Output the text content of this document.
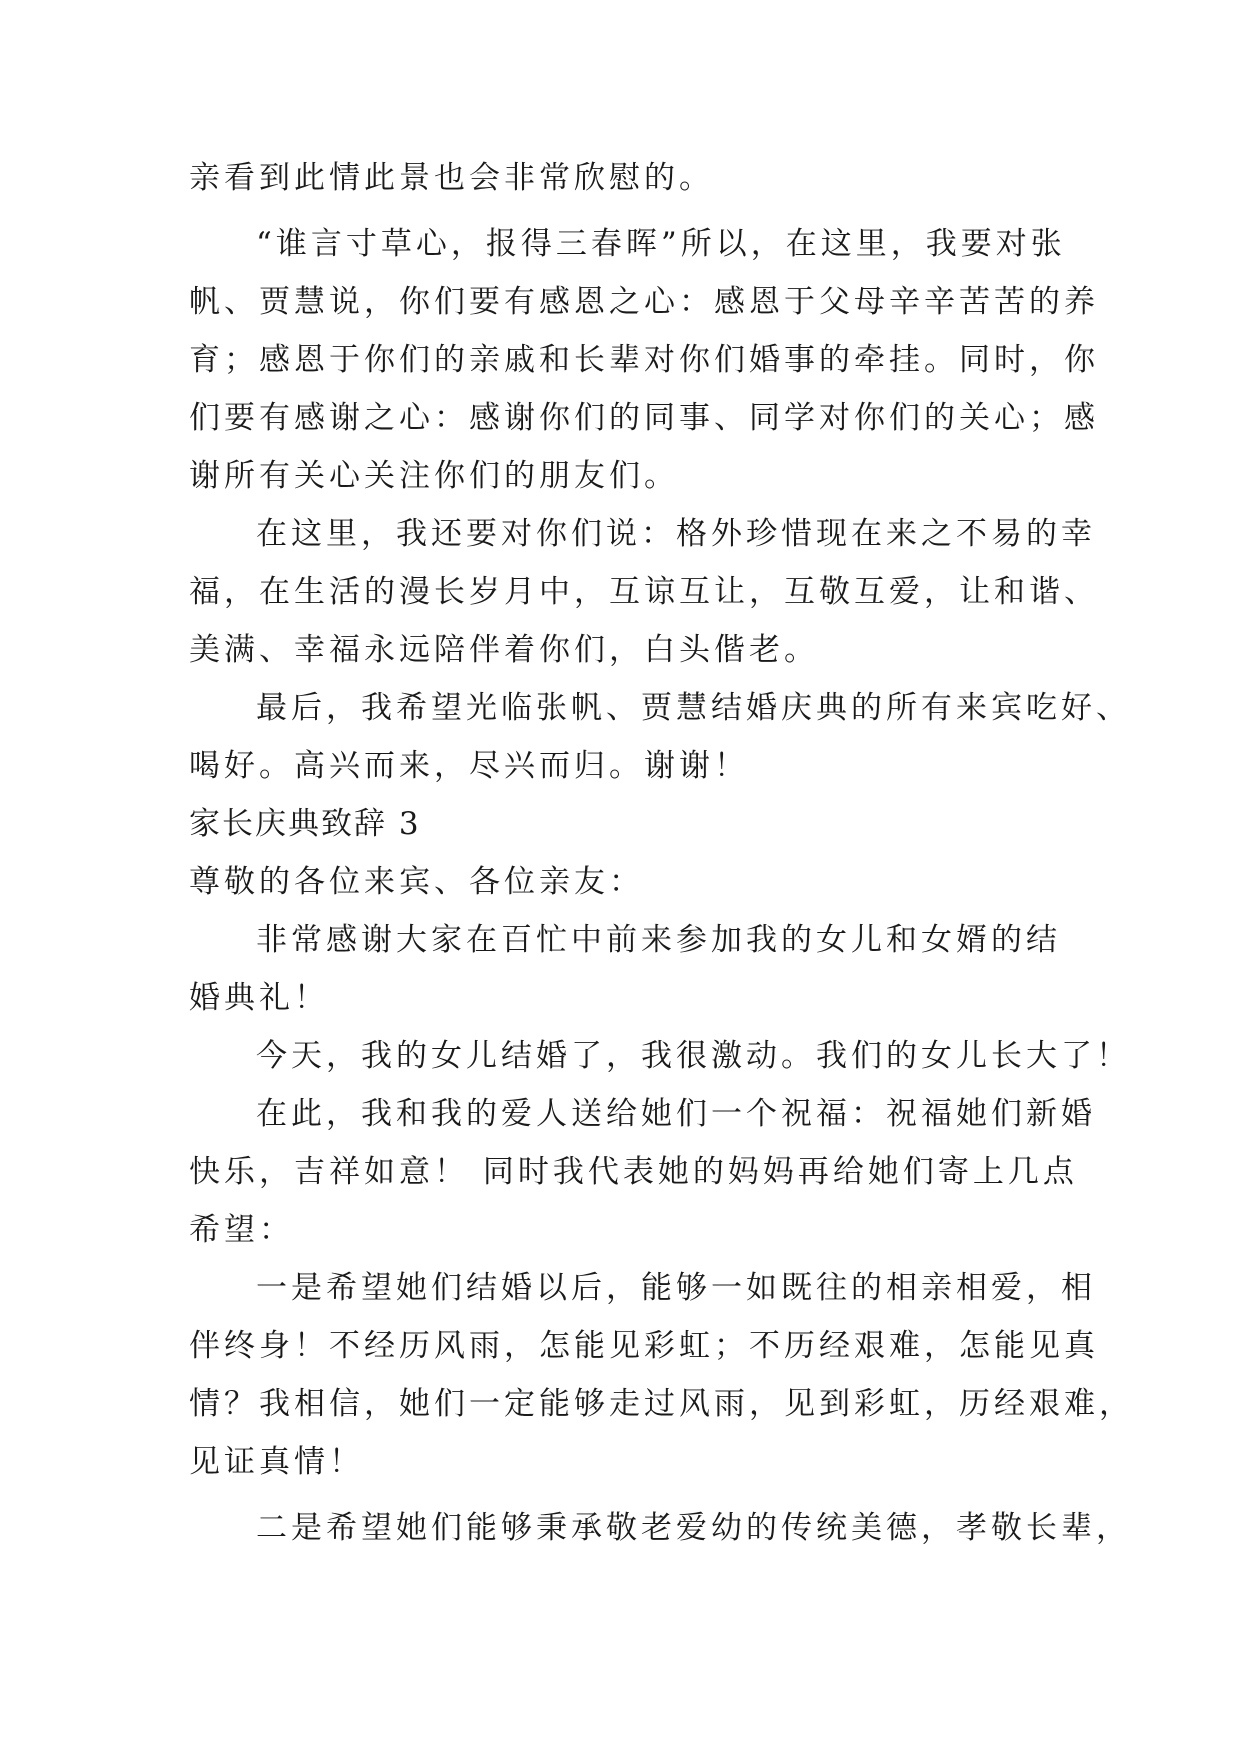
亲看到此情此景也会非常欣慰的。
“谁言寸草心，报得三春晖”所以，在这里，我要对张
帆、贾慧说，你们要有感恩之心：感恩于父母辛辛苦苦的养
育；感恩于你们的亲戚和长辈对你们婚事的牵挂。同时，你
们要有感谢之心：感谢你们的同事、同学对你们的关心；感
谢所有关心关注你们的朋友们。
在这里，我还要对你们说：格外珍惜现在来之不易的幸
福，在生活的漫长岁月中，互谅互让，互敬互爱，让和谐、
美满、幸福永远陪伴着你们，白头偕老。
最后，我希望光临张帆、贾慧结婚庆典的所有来宾吃好、
喝好。高兴而来，尽兴而归。谢谢！
家长庆典致辞 3
尊敬的各位来宾、各位亲友：
非常感谢大家在百忙中前来参加我的女儿和女婿的结
婚典礼！
今天，我的女儿结婚了，我很激动。我们的女儿长大了！
在此，我和我的爱人送给她们一个祝福：祝福她们新婚
快乐，吉祥如意！ 同时我代表她的妈妈再给她们寄上几点
希望：
一是希望她们结婚以后，能够一如既往的相亲相爱，相
伴终身！不经历风雨，怎能见彩虹；不历经艰难，怎能见真
情？我相信，她们一定能够走过风雨，见到彩虹，历经艰难，
见证真情！
二是希望她们能够秉承敬老爱幼的传统美德，孝敬长辈，
